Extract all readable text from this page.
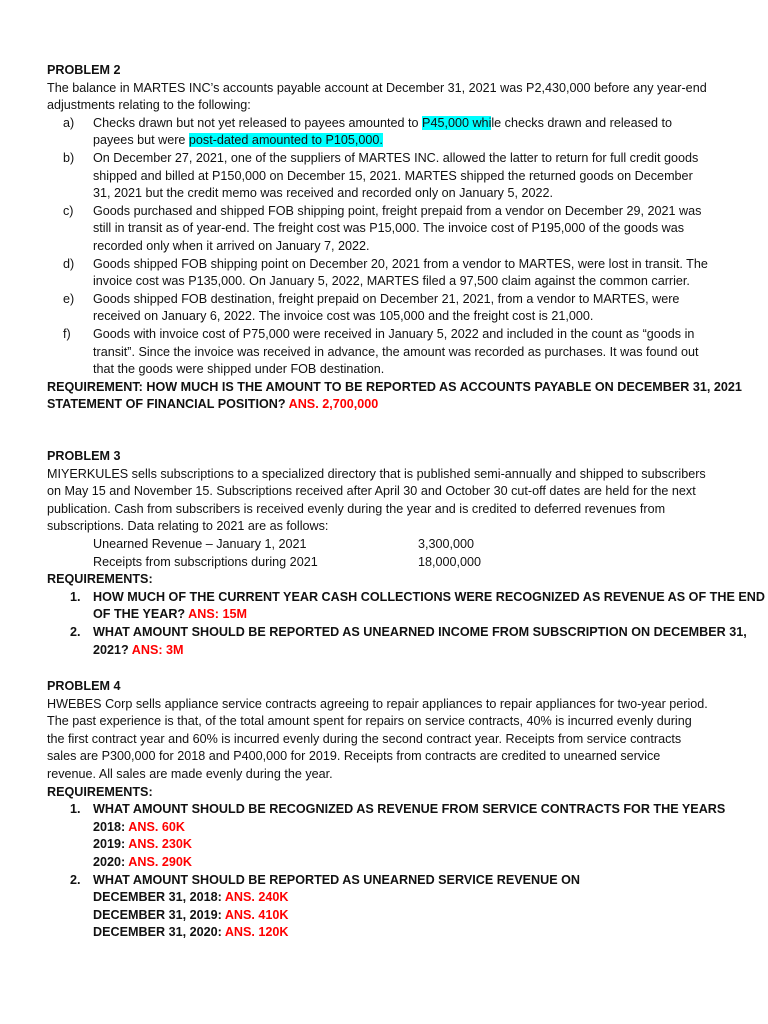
PROBLEM 2
The balance in MARTES INC’s accounts payable account at December 31, 2021 was P2,430,000 before any year-end
adjustments relating to the following:
a) Checks drawn but not yet released to payees amounted to P45,000 while checks drawn and released to
payees but were post-dated amounted to P105,000.
b) On December 27, 2021, one of the suppliers of MARTES INC. allowed the latter to return for full credit goods
shipped and billed at P150,000 on December 15, 2021. MARTES shipped the returned goods on December
31, 2021 but the credit memo was received and recorded only on January 5, 2022.
c) Goods purchased and shipped FOB shipping point, freight prepaid from a vendor on December 29, 2021 was
still in transit as of year-end. The freight cost was P15,000. The invoice cost of P195,000 of the goods was
recorded only when it arrived on January 7, 2022.
d) Goods shipped FOB shipping point on December 20, 2021 from a vendor to MARTES, were lost in transit. The
invoice cost was P135,000. On January 5, 2022, MARTES filed a 97,500 claim against the common carrier.
e) Goods shipped FOB destination, freight prepaid on December 21, 2021, from a vendor to MARTES, were
received on January 6, 2022. The invoice cost was 105,000 and the freight cost is 21,000.
f) Goods with invoice cost of P75,000 were received in January 5, 2022 and included in the count as “goods in
transit”. Since the invoice was received in advance, the amount was recorded as purchases. It was found out
that the goods were shipped under FOB destination.
REQUIREMENT: HOW MUCH IS THE AMOUNT TO BE REPORTED AS ACCOUNTS PAYABLE ON DECEMBER 31, 2021
STATEMENT OF FINANCIAL POSITION? ANS. 2,700,000
PROBLEM 3
MIYERKULES sells subscriptions to a specialized directory that is published semi-annually and shipped to subscribers
on May 15 and November 15. Subscriptions received after April 30 and October 30 cut-off dates are held for the next
publication. Cash from subscribers is received evenly during the year and is credited to deferred revenues from
subscriptions. Data relating to 2021 are as follows:
Unearned Revenue – January 1, 2021	3,300,000
Receipts from subscriptions during 2021	18,000,000
REQUIREMENTS:
1. HOW MUCH OF THE CURRENT YEAR CASH COLLECTIONS WERE RECOGNIZED AS REVENUE AS OF THE END
OF THE YEAR? ANS: 15M
2. WHAT AMOUNT SHOULD BE REPORTED AS UNEARNED INCOME FROM SUBSCRIPTION ON DECEMBER 31,
2021? ANS: 3M
PROBLEM 4
HWEBES Corp sells appliance service contracts agreeing to repair appliances to repair appliances for two-year period.
The past experience is that, of the total amount spent for repairs on service contracts, 40% is incurred evenly during
the first contract year and 60% is incurred evenly during the second contract year. Receipts from service contracts
sales are P300,000 for 2018 and P400,000 for 2019. Receipts from contracts are credited to unearned service
revenue. All sales are made evenly during the year.
REQUIREMENTS:
1. WHAT AMOUNT SHOULD BE RECOGNIZED AS REVENUE FROM SERVICE CONTRACTS FOR THE YEARS
2018: ANS. 60K
2019: ANS. 230K
2020: ANS. 290K
2. WHAT AMOUNT SHOULD BE REPORTED AS UNEARNED SERVICE REVENUE ON
DECEMBER 31, 2018: ANS. 240K
DECEMBER 31, 2019: ANS. 410K
DECEMBER 31, 2020: ANS. 120K
